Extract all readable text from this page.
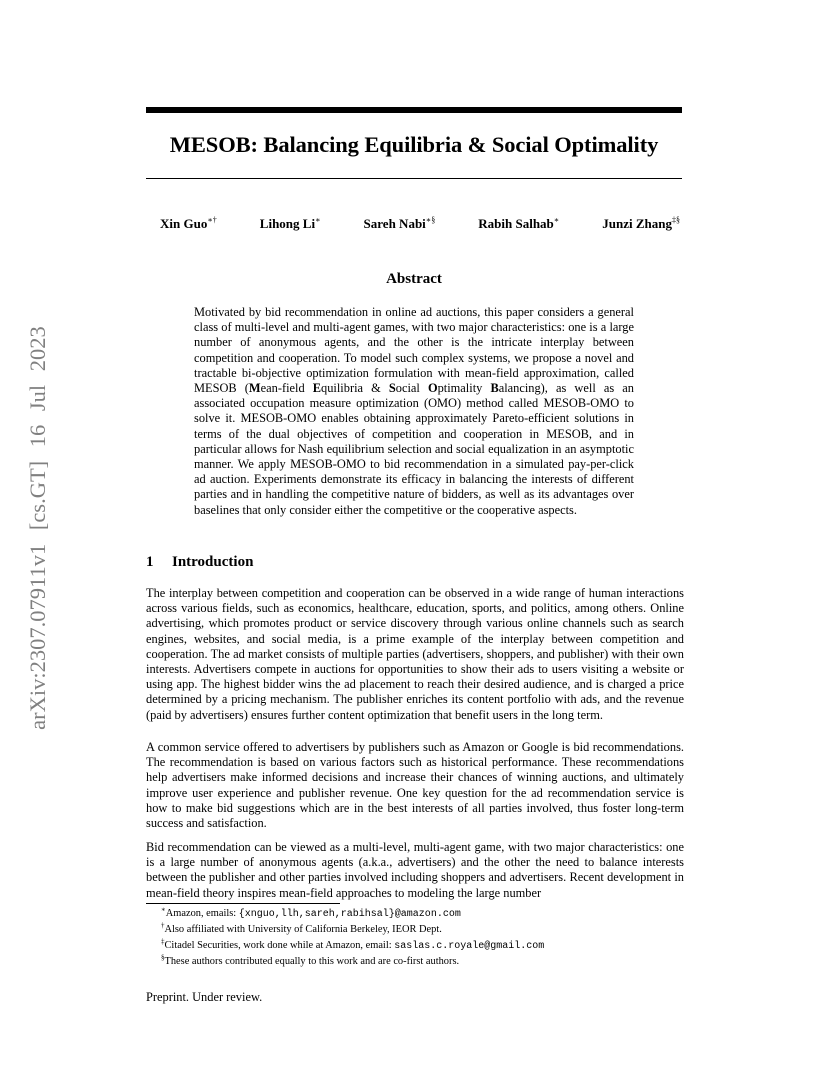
arXiv:2307.07911v1 [cs.GT] 16 Jul 2023
MESOB: Balancing Equilibria & Social Optimality
Xin Guo∗†	Lihong Li∗	Sareh Nabi∗§	Rabih Salhab∗	Junzi Zhang‡§
Abstract

Motivated by bid recommendation in online ad auctions, this paper considers a general class of multi-level and multi-agent games, with two major characteristics: one is a large number of anonymous agents, and the other is the intricate interplay between competition and cooperation. To model such complex systems, we propose a novel and tractable bi-objective optimization formulation with mean-field approximation, called MESOB (Mean-field Equilibria & Social Optimality Balancing), as well as an associated occupation measure optimization (OMO) method called MESOB-OMO to solve it. MESOB-OMO enables obtaining approximately Pareto-efficient solutions in terms of the dual objectives of competition and cooperation in MESOB, and in particular allows for Nash equilibrium selection and social equalization in an asymptotic manner. We apply MESOB-OMO to bid recommendation in a simulated pay-per-click ad auction. Experiments demonstrate its efficacy in balancing the interests of different parties and in handling the competitive nature of bidders, as well as its advantages over baselines that only consider either the competitive or the cooperative aspects.

1 Introduction

The interplay between competition and cooperation can be observed in a wide range of human interactions across various fields, such as economics, healthcare, education, sports, and politics, among others. Online advertising, which promotes product or service discovery through various online channels such as search engines, websites, and social media, is a prime example of the interplay between competition and cooperation. The ad market consists of multiple parties (advertisers, shoppers, and publisher) with their own interests. Advertisers compete in auctions for opportunities to show their ads to users visiting a website or using app. The highest bidder wins the ad placement to reach their desired audience, and is charged a price determined by a pricing mechanism. The publisher enriches its content portfolio with ads, and the revenue (paid by advertisers) ensures further content optimization that benefit users in the long term.

A common service offered to advertisers by publishers such as Amazon or Google is bid recommendations. The recommendation is based on various factors such as historical performance. These recommendations help advertisers make informed decisions and increase their chances of winning auctions, and ultimately improve user experience and publisher revenue. One key question for the ad recommendation service is how to make bid suggestions which are in the best interests of all parties involved, thus foster long-term success and satisfaction.

Bid recommendation can be viewed as a multi-level, multi-agent game, with two major characteristics: one is a large number of anonymous agents (a.k.a., advertisers) and the other the need to balance interests between the publisher and other parties involved including shoppers and advertisers. Recent development in mean-field theory inspires mean-field approaches to modeling the large number

∗Amazon, emails: {xnguo,llh,sareh,rabihsal}@amazon.com
†Also affiliated with University of California Berkeley, IEOR Dept.
‡Citadel Securities, work done while at Amazon, email: saslas.c.royale@gmail.com
§These authors contributed equally to this work and are co-first authors.
Preprint. Under review.
